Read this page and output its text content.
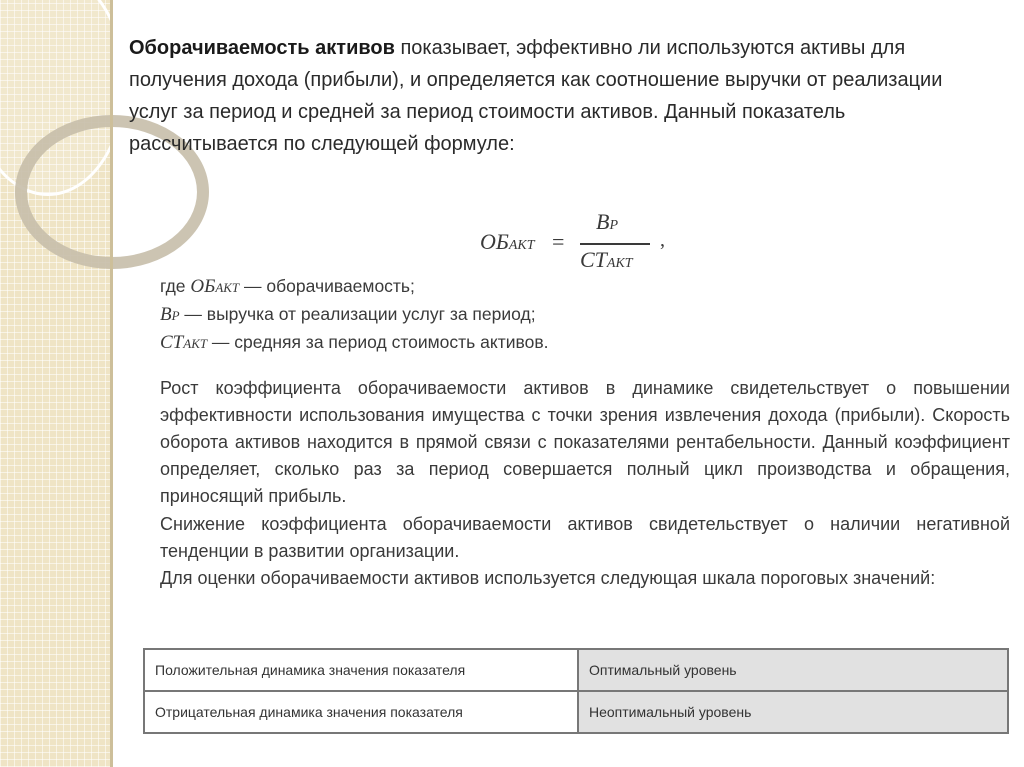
Оборачиваемость активов показывает, эффективно ли используются активы для получения дохода (прибыли), и определяется как соотношение выручки от реализации услуг за период и средней за период стоимости активов. Данный показатель рассчитывается по следующей формуле:
ОБАКТ =
ВР
СТАКТ
,
где ОБАКТ — оборачиваемость;
ВР — выручка от реализации услуг за период;
СТАКТ — средняя за период стоимость активов.
Рост коэффициента оборачиваемости активов в динамике свидетельствует о повышении эффективности использования имущества с точки зрения извлечения дохода (прибыли). Скорость оборота активов находится в прямой связи с показателями рентабельности. Данный коэффициент определяет, сколько раз за период совершается полный цикл производства и обращения, приносящий прибыль.
Снижение коэффициента оборачиваемости активов свидетельствует о наличии негативной тенденции в развитии организации.
Для оценки оборачиваемости активов используется следующая шкала пороговых значений:
Положительная динамика значения показателя	Оптимальный уровень
Отрицательная динамика значения показателя	Неоптимальный уровень
